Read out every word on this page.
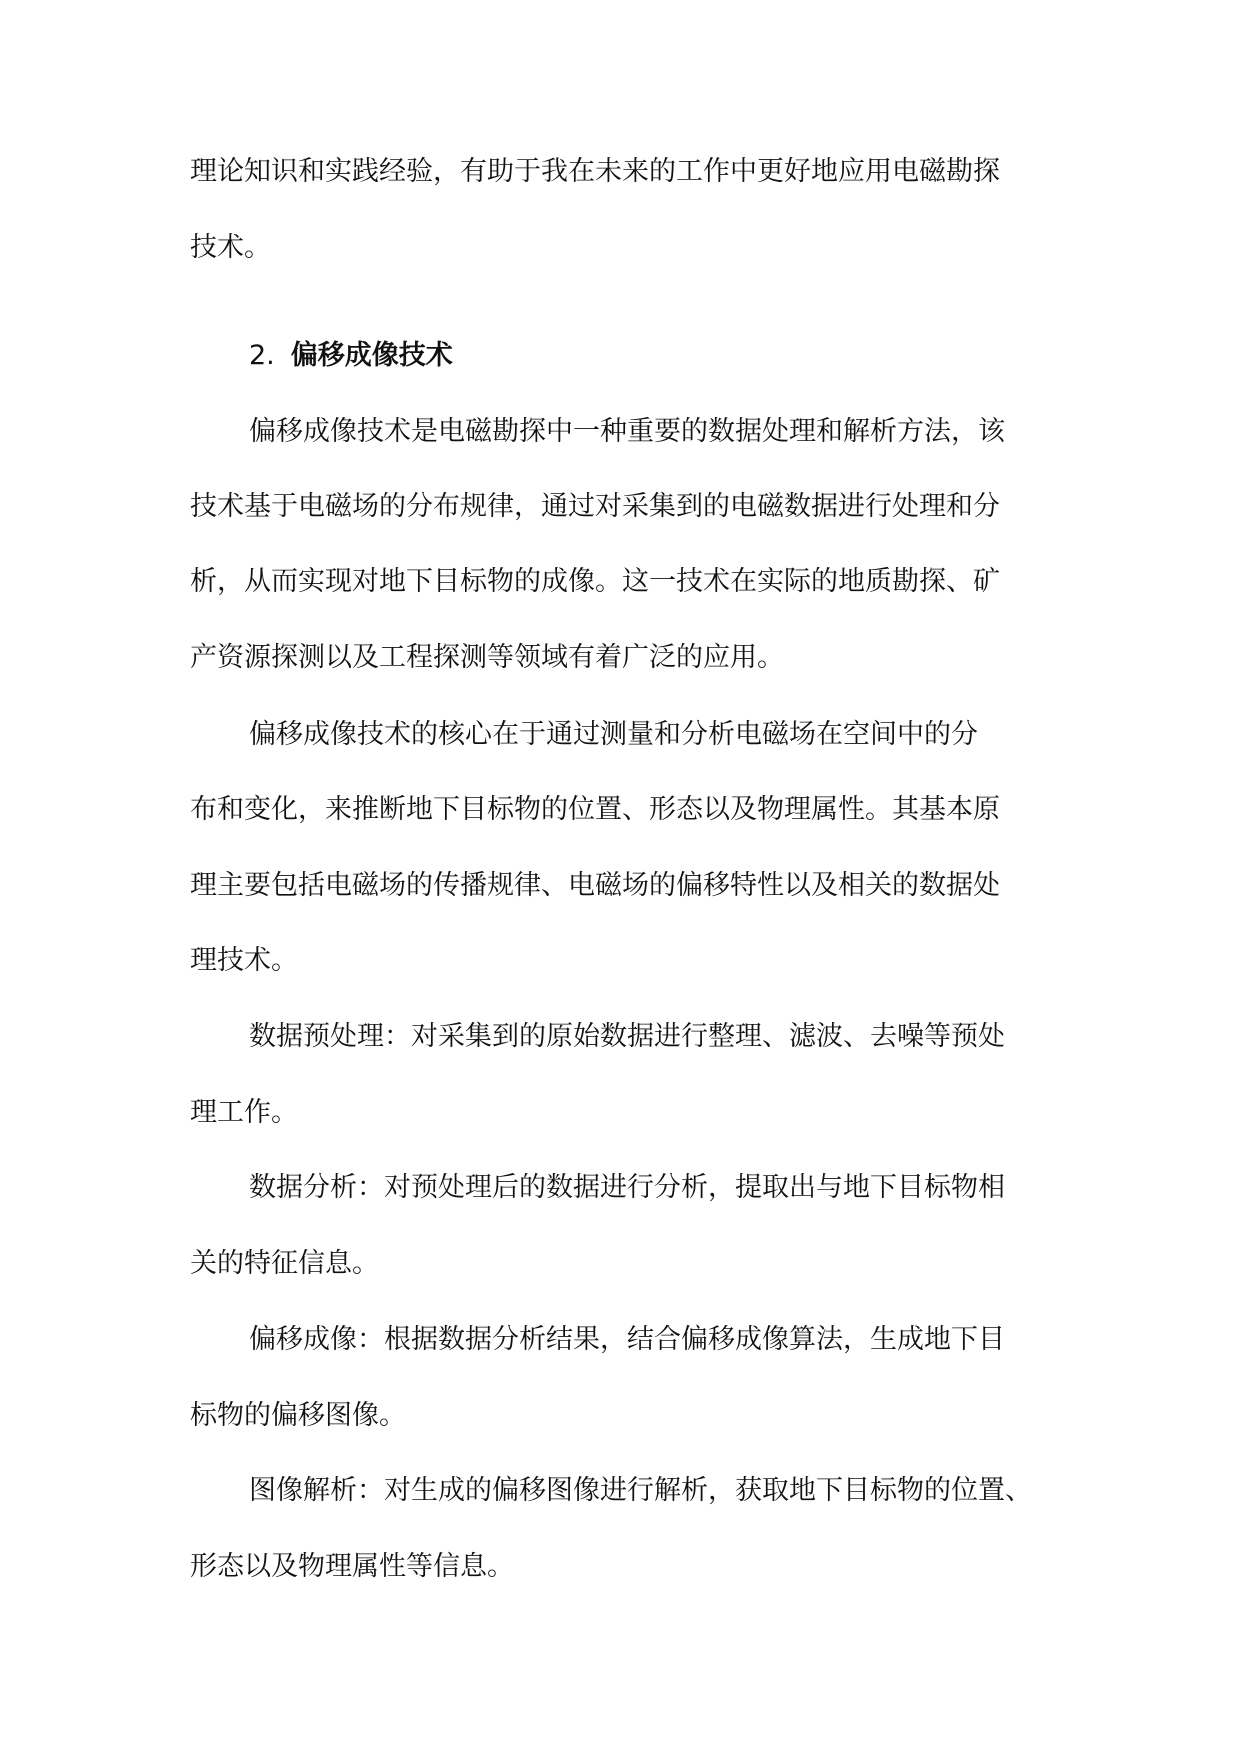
理论知识和实践经验，有助于我在未来的工作中更好地应用电磁勘探

技术。

2. 偏移成像技术

偏移成像技术是电磁勘探中一种重要的数据处理和解析方法，该

技术基于电磁场的分布规律，通过对采集到的电磁数据进行处理和分

析，从而实现对地下目标物的成像。这一技术在实际的地质勘探、矿

产资源探测以及工程探测等领域有着广泛的应用。

偏移成像技术的核心在于通过测量和分析电磁场在空间中的分

布和变化，来推断地下目标物的位置、形态以及物理属性。其基本原

理主要包括电磁场的传播规律、电磁场的偏移特性以及相关的数据处

理技术。

数据预处理：对采集到的原始数据进行整理、滤波、去噪等预处

理工作。

数据分析：对预处理后的数据进行分析，提取出与地下目标物相

关的特征信息。

偏移成像：根据数据分析结果，结合偏移成像算法，生成地下目

标物的偏移图像。

图像解析：对生成的偏移图像进行解析，获取地下目标物的位置、

形态以及物理属性等信息。
